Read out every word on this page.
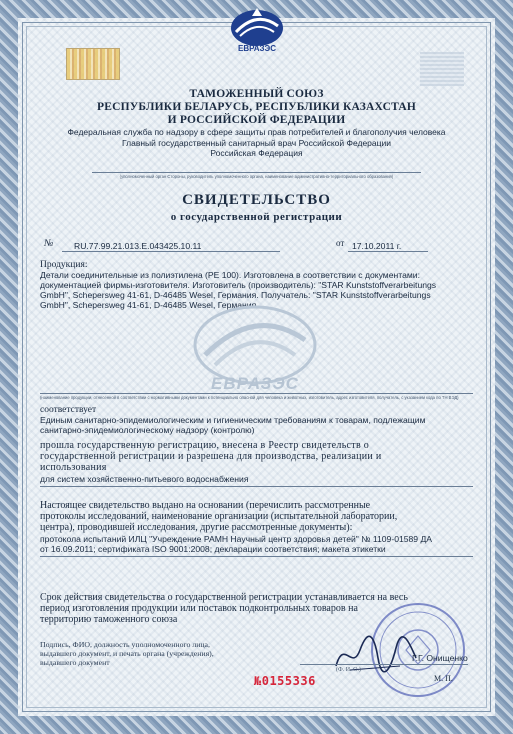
ЕВРАЗЭС
ТАМОЖЕННЫЙ СОЮЗ
РЕСПУБЛИКИ БЕЛАРУСЬ, РЕСПУБЛИКИ КАЗАХСТАН
И РОССИЙСКОЙ ФЕДЕРАЦИИ
Федеральная служба по надзору в сфере защиты прав потребителей и благополучия человека
Главный государственный санитарный врач Российской Федерации
Российская Федерация
(уполномоченный орган Стороны, руководитель уполномоченного органа, наименование административно-территориального образования)
СВИДЕТЕЛЬСТВО
о государственной регистрации
№ RU.77.99.21.013.Е.043425.10.11	от 17.10.2011 г.
Продукция:
Детали соединительные из полиэтилена (PE 100). Изготовлена в соответствии с документами:
документацией фирмы-изготовителя. Изготовитель (производитель): "STAR Kunststoffverarbeitungs
GmbH", Schepersweg 41-61, D-46485 Wesel, Германия. Получатель: "STAR Kunststoffverarbeitungs
GmbH", Schepersweg 41-61, D-46485 Wesel, Германия.
ЕВРАЗЭС
(наименование продукции, отнесенной в соответствии с нормативными документами к потенциально опасной для человека и животных, изготовитель, адрес изготовителя, получатель, с указанием кода по ТН ВЭД)
соответствует
Единым санитарно-эпидемиологическим и гигиеническим требованиям к товарам, подлежащим
санитарно-эпидемиологическому надзору (контролю)
прошла государственную регистрацию, внесена в Реестр свидетельств о
государственной регистрации и разрешена для производства, реализации и
использования
для систем хозяйственно-питьевого водоснабжения
Настоящее свидетельство выдано на основании (перечислить рассмотренные
протоколы исследований, наименование организации (испытательной лаборатории,
центра), проводившей исследования, другие рассмотренные документы):
протокола испытаний ИЛЦ "Учреждение РАМН Научный центр здоровья детей" № 1109-01589 ДА
от 16.09.2011; сертификата ISO 9001:2008; декларации соответствия; макета этикетки
Срок действия свидетельства о государственной регистрации устанавливается на весь
период изготовления продукции или поставок подконтрольных товаров на
территорию таможенного союза
Подпись, ФИО, должность уполномоченного лица,
выдавшего документ, и печать органа (учреждения),
выдавшего документ	Г.Г. Онищенко
(Ф. И. О.)
М. П.
№0155336
